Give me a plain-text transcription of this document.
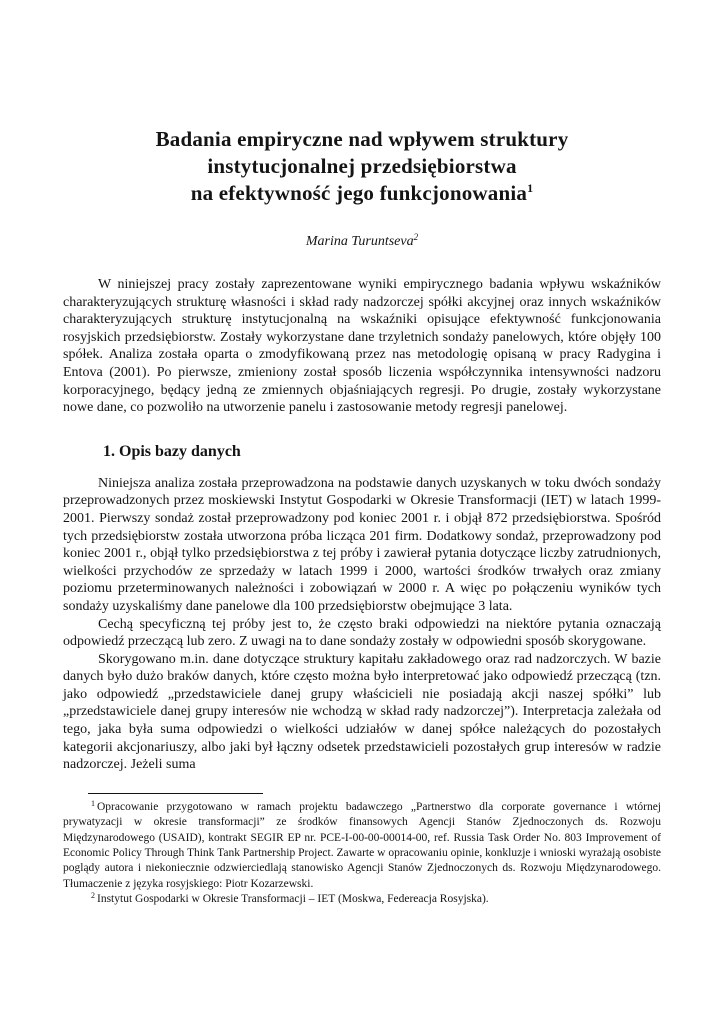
Badania empiryczne nad wpływem struktury
instytucjonalnej przedsiębiorstwa
na efektywność jego funkcjonowania$^1$
Marina Turuntseva$^2$

W niniejszej pracy zostały zaprezentowane wyniki empirycznego badania wpływu wskaźników charakteryzujących strukturę własności i skład rady nadzorczej spółki akcyjnej oraz innych wskaźników charakteryzujących strukturę instytucjonalną na wskaźniki opisujące efektywność funkcjonowania rosyjskich przedsiębiorstw. Zostały wykorzystane dane trzyletnich sondaży panelowych, które objęły 100 spółek. Analiza została oparta o zmodyfikowaną przez nas metodologię opisaną w pracy Radygina i Entova (2001). Po pierwsze, zmieniony został sposób liczenia współczynnika intensywności nadzoru korporacyjnego, będący jedną ze zmiennych objaśniających regresji. Po drugie, zostały wykorzystane nowe dane, co pozwoliło na utworzenie panelu i zastosowanie metody regresji panelowej.

1. Opis bazy danych

Niniejsza analiza została przeprowadzona na podstawie danych uzyskanych w toku dwóch sondaży przeprowadzonych przez moskiewski Instytut Gospodarki w Okresie Transformacji (IET) w latach 1999-2001. Pierwszy sondaż został przeprowadzony pod koniec 2001 r. i objął 872 przedsiębiorstwa. Spośród tych przedsiębiorstw została utworzona próba licząca 201 firm. Dodatkowy sondaż, przeprowadzony pod koniec 2001 r., objął tylko przedsiębiorstwa z tej próby i zawierał pytania dotyczące liczby zatrudnionych, wielkości przychodów ze sprzedaży w latach 1999 i 2000, wartości środków trwałych oraz zmiany poziomu przeterminowanych należności i zobowiązań w 2000 r. A więc po połączeniu wyników tych sondaży uzyskaliśmy dane panelowe dla 100 przedsiębiorstw obejmujące 3 lata.

Cechą specyficzną tej próby jest to, że często braki odpowiedzi na niektóre pytania oznaczają odpowiedź przeczącą lub zero. Z uwagi na to dane sondaży zostały w odpowiedni sposób skorygowane.

Skorygowano m.in. dane dotyczące struktury kapitału zakładowego oraz rad nadzorczych. W bazie danych było dużo braków danych, które często można było interpretować jako odpowiedź przeczącą (tzn. jako odpowiedź „przedstawiciele danej grupy właścicieli nie posiadają akcji naszej spółki” lub „przedstawiciele danej grupy interesów nie wchodzą w skład rady nadzorczej”). Interpretacja zależała od tego, jaka była suma odpowiedzi o wielkości udziałów w danej spółce należących do pozostałych kategorii akcjonariuszy, albo jaki był łączny odsetek przedstawicieli pozostałych grup interesów w radzie nadzorczej. Jeżeli suma

$^1$ Opracowanie przygotowano w ramach projektu badawczego „Partnerstwo dla corporate governance i wtórnej prywatyzacji w okresie transformacji” ze środków finansowych Agencji Stanów Zjednoczonych ds. Rozwoju Międzynarodowego (USAID), kontrakt SEGIR EP nr. PCE-I-00-00-00014-00, ref. Russia Task Order No. 803 Improvement of Economic Policy Through Think Tank Partnership Project. Zawarte w opracowaniu opinie, konkluzje i wnioski wyrażają osobiste poglądy autora i niekoniecznie odzwierciedlają stanowisko Agencji Stanów Zjednoczonych ds. Rozwoju Międzynarodowego. Tłumaczenie z języka rosyjskiego: Piotr Kozarzewski.

$^2$ Instytut Gospodarki w Okresie Transformacji – IET (Moskwa, Federeacja Rosyjska).
